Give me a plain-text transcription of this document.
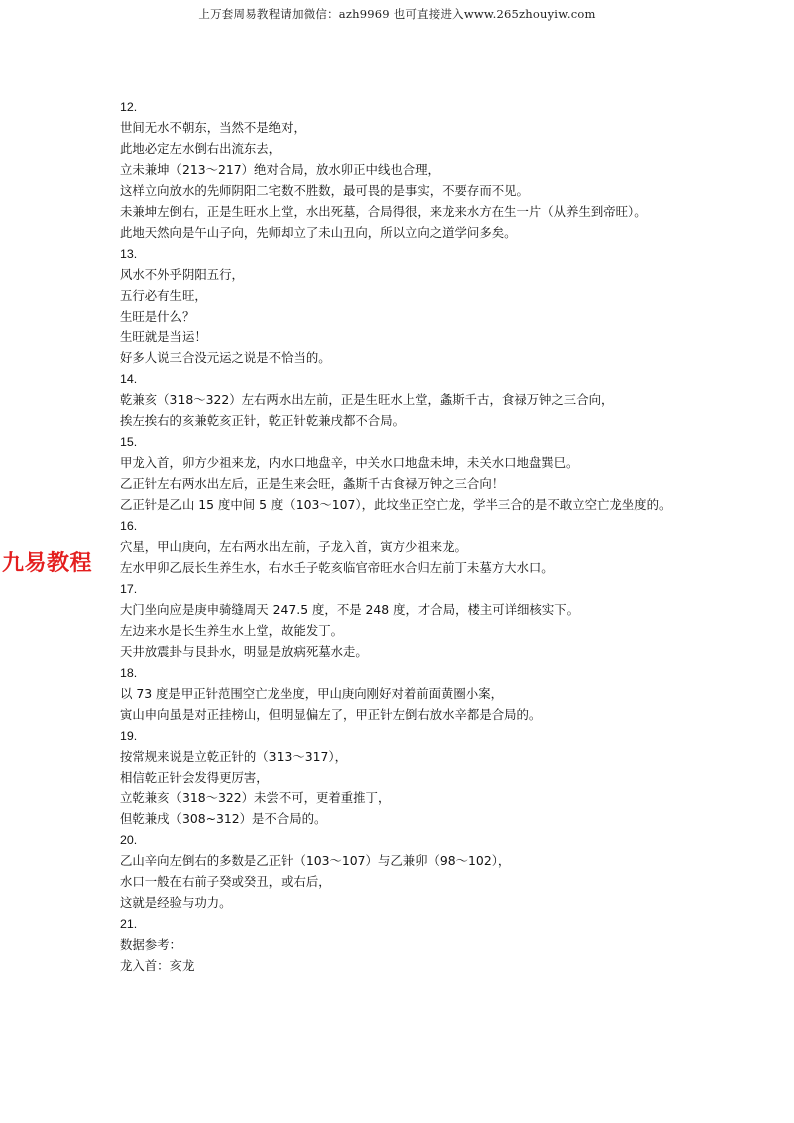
上万套周易教程请加微信：azh9969 也可直接进入www.265zhouyiw.com
九易教程
12.
世间无水不朝东，当然不是绝对，
此地必定左水倒右出流东去，
立未兼坤（213～217）绝对合局，放水卯正中线也合理，
这样立向放水的先师阴阳二宅数不胜数，最可畏的是事实，不要存而不见。
未兼坤左倒右，正是生旺水上堂，水出死墓，合局得很，来龙来水方在生一片（从养生到帝旺）。
此地天然向是午山子向，先师却立了未山丑向，所以立向之道学问多矣。
13.
风水不外乎阴阳五行，
五行必有生旺，
生旺是什么？
生旺就是当运！
好多人说三合没元运之说是不恰当的。
14.
乾兼亥（318～322）左右两水出左前，正是生旺水上堂，螽斯千古，食禄万钟之三合向，
挨左挨右的亥兼乾亥正针，乾正针乾兼戌都不合局。
15.
甲龙入首，卯方少祖来龙，内水口地盘辛，中关水口地盘未坤，未关水口地盘巽巳。
乙正针左右两水出左后，正是生来会旺，螽斯千古食禄万钟之三合向！
乙正针是乙山 15 度中间 5 度（103～107），此坟坐正空亡龙，学半三合的是不敢立空亡龙坐度的。
16.
穴星，甲山庚向，左右两水出左前，子龙入首，寅方少祖来龙。
左水甲卯乙辰长生养生水，右水壬子乾亥临官帝旺水合归左前丁未墓方大水口。
17.
大门坐向应是庚申骑缝周天 247.5 度，不是 248 度，才合局，楼主可详细核实下。
左边来水是长生养生水上堂，故能发丁。
天井放震卦与艮卦水，明显是放病死墓水走。
18.
以 73 度是甲正针范围空亡龙坐度，甲山庚向刚好对着前面黄圈小案，
寅山申向虽是对正挂榜山，但明显偏左了，甲正针左倒右放水辛都是合局的。
19.
按常规来说是立乾正针的（313～317），
相信乾正针会发得更厉害，
立乾兼亥（318～322）未尝不可，更着重推丁，
但乾兼戌（308~312）是不合局的。
20.
乙山辛向左倒右的多数是乙正针（103～107）与乙兼卯（98～102），
水口一般在右前子癸或癸丑，或右后，
这就是经验与功力。
21.
数据参考：
龙入首：亥龙
